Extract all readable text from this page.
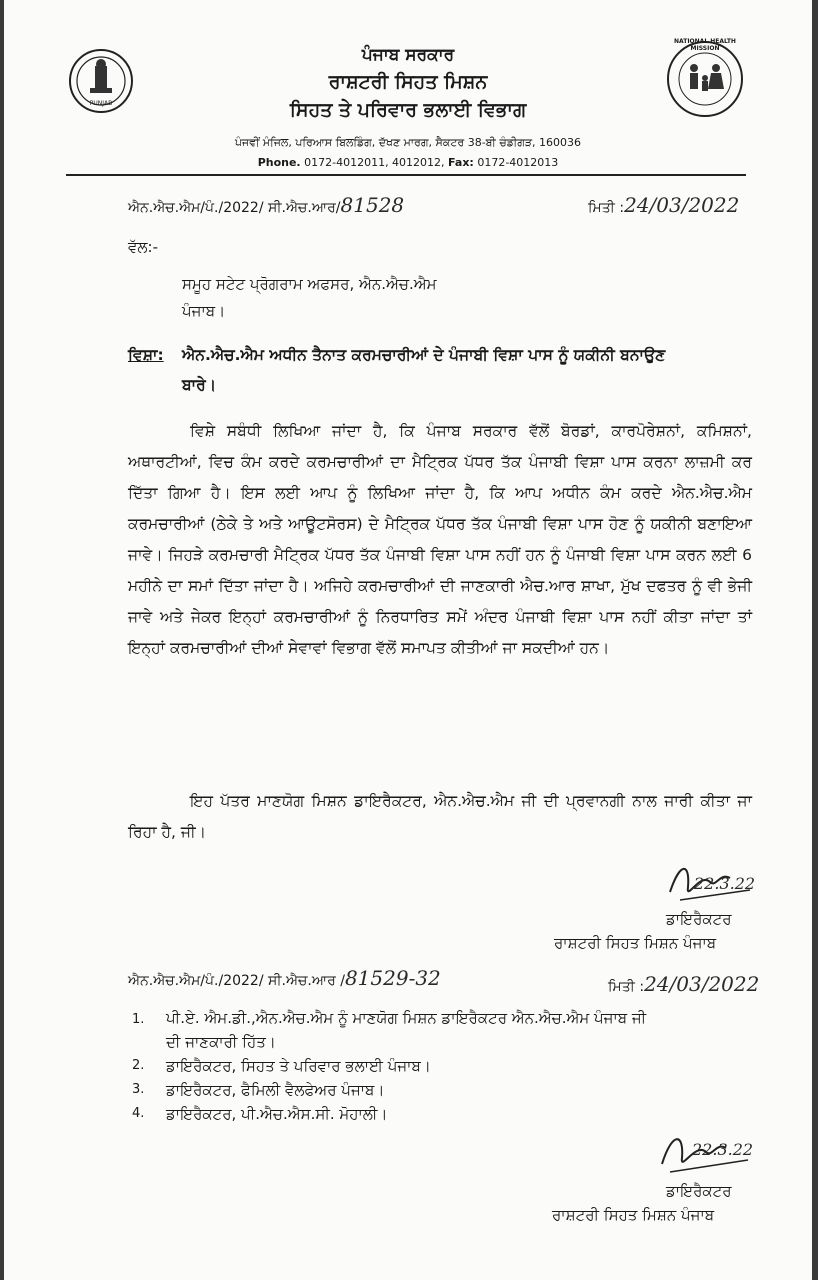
PUNJAB
NATIONAL HEALTH MISSION
ਪੰਜਾਬ ਸਰਕਾਰ
ਰਾਸ਼ਟਰੀ ਸਿਹਤ ਮਿਸ਼ਨ
ਸਿਹਤ ਤੇ ਪਰਿਵਾਰ ਭਲਾਈ ਵਿਭਾਗ
ਪੰਜਵੀਂ ਮੰਜਿਲ, ਪਰਿਆਸ ਬਿਲਡਿੰਗ, ਦੱਖਣ ਮਾਰਗ, ਸੈਕਟਰ 38-ਬੀ ਚੰਡੀਗੜ, 160036
Phone. 0172-4012011, 4012012, Fax: 0172-4012013
ਐਨ.ਐਚ.ਐਮ/ਪੰ./2022/ ਸੀ.ਐਚ.ਆਰ/81528	ਮਿਤੀ :24/03/2022
ਵੱਲ:-
ਸਮੂਹ ਸਟੇਟ ਪ੍ਰੋਗਰਾਮ ਅਫਸਰ, ਐਨ.ਐਚ.ਐਮ
ਪੰਜਾਬ।
ਵਿਸ਼ਾ: ਐਨ.ਐਚ.ਐਮ ਅਧੀਨ ਤੈਨਾਤ ਕਰਮਚਾਰੀਆਂ ਦੇ ਪੰਜਾਬੀ ਵਿਸ਼ਾ ਪਾਸ ਨੂੰ ਯਕੀਨੀ ਬਨਾਉਣ
ਬਾਰੇ।
ਵਿਸ਼ੇ ਸਬੰਧੀ ਲਿਖਿਆ ਜਾਂਦਾ ਹੈ, ਕਿ ਪੰਜਾਬ ਸਰਕਾਰ ਵੱਲੋਂ ਬੋਰਡਾਂ, ਕਾਰਪੋਰੇਸ਼ਨਾਂ, ਕਮਿਸ਼ਨਾਂ, ਅਥਾਰਟੀਆਂ, ਵਿਚ ਕੰਮ ਕਰਦੇ ਕਰਮਚਾਰੀਆਂ ਦਾ ਮੈਟ੍ਰਿਕ ਪੱਧਰ ਤੱਕ ਪੰਜਾਬੀ ਵਿਸ਼ਾ ਪਾਸ ਕਰਨਾ ਲਾਜ਼ਮੀ ਕਰ ਦਿੱਤਾ ਗਿਆ ਹੈ। ਇਸ ਲਈ ਆਪ ਨੂੰ ਲਿਖਿਆ ਜਾਂਦਾ ਹੈ, ਕਿ ਆਪ ਅਧੀਨ ਕੰਮ ਕਰਦੇ ਐਨ.ਐਚ.ਐਮ ਕਰਮਚਾਰੀਆਂ (ਠੇਕੇ ਤੇ ਅਤੇ ਆਊਟਸੋਰਸ) ਦੇ ਮੈਟ੍ਰਿਕ ਪੱਧਰ ਤੱਕ ਪੰਜਾਬੀ ਵਿਸ਼ਾ ਪਾਸ ਹੋਣ ਨੂੰ ਯਕੀਨੀ ਬਣਾਇਆ ਜਾਵੇ। ਜਿਹੜੇ ਕਰਮਚਾਰੀ ਮੈਟ੍ਰਿਕ ਪੱਧਰ ਤੱਕ ਪੰਜਾਬੀ ਵਿਸ਼ਾ ਪਾਸ ਨਹੀਂ ਹਨ ਨੂੰ ਪੰਜਾਬੀ ਵਿਸ਼ਾ ਪਾਸ ਕਰਨ ਲਈ 6 ਮਹੀਨੇ ਦਾ ਸਮਾਂ ਦਿੱਤਾ ਜਾਂਦਾ ਹੈ। ਅਜਿਹੇ ਕਰਮਚਾਰੀਆਂ ਦੀ ਜਾਣਕਾਰੀ ਐਚ.ਆਰ ਸ਼ਾਖਾ, ਮੁੱਖ ਦਫਤਰ ਨੂੰ ਵੀ ਭੇਜੀ ਜਾਵੇ ਅਤੇ ਜੇਕਰ ਇਨ੍ਹਾਂ ਕਰਮਚਾਰੀਆਂ ਨੂੰ ਨਿਰਧਾਰਿਤ ਸਮੇਂ ਅੰਦਰ ਪੰਜਾਬੀ ਵਿਸ਼ਾ ਪਾਸ ਨਹੀਂ ਕੀਤਾ ਜਾਂਦਾ ਤਾਂ ਇਨ੍ਹਾਂ ਕਰਮਚਾਰੀਆਂ ਦੀਆਂ ਸੇਵਾਵਾਂ ਵਿਭਾਗ ਵੱਲੋਂ ਸਮਾਪਤ ਕੀਤੀਆਂ ਜਾ ਸਕਦੀਆਂ ਹਨ।
ਇਹ ਪੱਤਰ ਮਾਣਯੋਗ ਮਿਸ਼ਨ ਡਾਇਰੈਕਟਰ, ਐਨ.ਐਚ.ਐਮ ਜੀ ਦੀ ਪ੍ਰਵਾਨਗੀ ਨਾਲ ਜਾਰੀ ਕੀਤਾ ਜਾ ਰਿਹਾ ਹੈ, ਜੀ।
22.3.22
ਡਾਇਰੈਕਟਰ
ਰਾਸ਼ਟਰੀ ਸਿਹਤ ਮਿਸ਼ਨ ਪੰਜਾਬ
ਐਨ.ਐਚ.ਐਮ/ਪੰ./2022/ ਸੀ.ਐਚ.ਆਰ /81529-32	ਮਿਤੀ :24/03/2022
1. ਪੀ.ਏ. ਐਮ.ਡੀ.,ਐਨ.ਐਚ.ਐਮ ਨੂੰ ਮਾਣਯੋਗ ਮਿਸ਼ਨ ਡਾਇਰੈਕਟਰ ਐਨ.ਐਚ.ਐਮ ਪੰਜਾਬ ਜੀ
ਦੀ ਜਾਣਕਾਰੀ ਹਿੱਤ।
2. ਡਾਇਰੈਕਟਰ, ਸਿਹਤ ਤੇ ਪਰਿਵਾਰ ਭਲਾਈ ਪੰਜਾਬ।
3. ਡਾਇਰੈਕਟਰ, ਫੈਮਿਲੀ ਵੈਲਫੇਅਰ ਪੰਜਾਬ।
4. ਡਾਇਰੈਕਟਰ, ਪੀ.ਐਚ.ਐਸ.ਸੀ. ਮੋਹਾਲੀ।
22.3.22
ਡਾਇਰੈਕਟਰ
ਰਾਸ਼ਟਰੀ ਸਿਹਤ ਮਿਸ਼ਨ ਪੰਜਾਬ
